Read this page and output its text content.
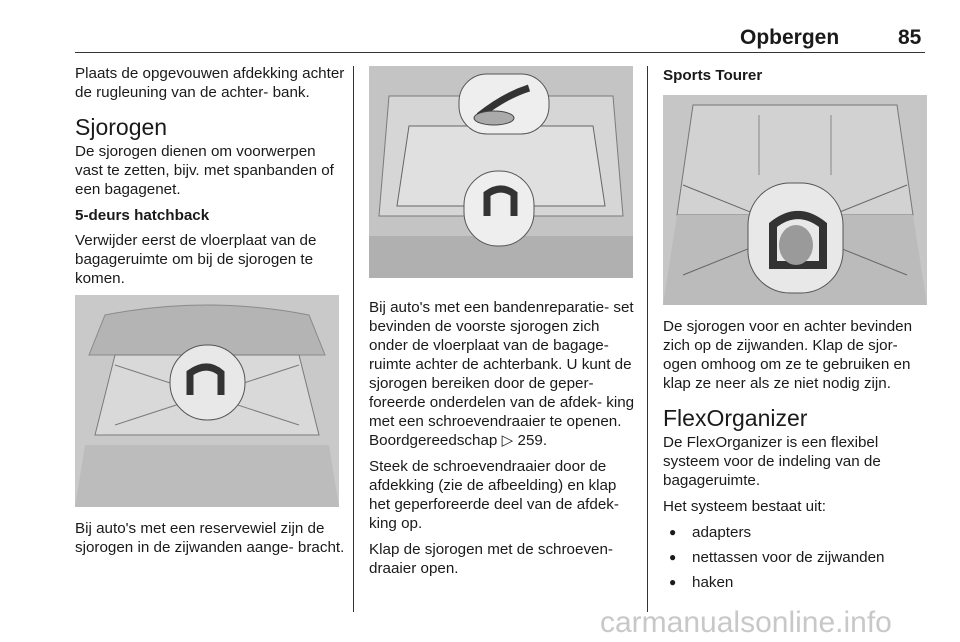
Opbergen	85

Plaats de opgevouwen afdekking achter de rugleuning van de achter- bank.

Sjorogen

De sjorogen dienen om voorwerpen vast te zetten, bijv. met spanbanden of een bagagenet.

5-deurs hatchback

Verwijder eerst de vloerplaat van de bagageruimte om bij de sjorogen te komen.

Bij auto's met een reservewiel zijn de sjorogen in de zijwanden aange- bracht.

Bij auto's met een bandenreparatie- set bevinden de voorste sjorogen zich onder de vloerplaat van de bagage- ruimte achter de achterbank. U kunt de sjorogen bereiken door de geper- foreerde onderdelen van de afdek- king met een schroevendraaier te openen. Boordgereedschap ▷ 259.

Steek de schroevendraaier door de afdekking (zie de afbeelding) en klap het geperforeerde deel van de afdek- king op.

Klap de sjorogen met de schroeven- draaier open.

Sports Tourer

De sjorogen voor en achter bevinden zich op de zijwanden. Klap de sjor- ogen omhoog om ze te gebruiken en klap ze neer als ze niet nodig zijn.

FlexOrganizer

De FlexOrganizer is een flexibel systeem voor de indeling van de bagageruimte.

Het systeem bestaat uit:

● adapters
● nettassen voor de zijwanden
● haken
carmanualsonline.info
